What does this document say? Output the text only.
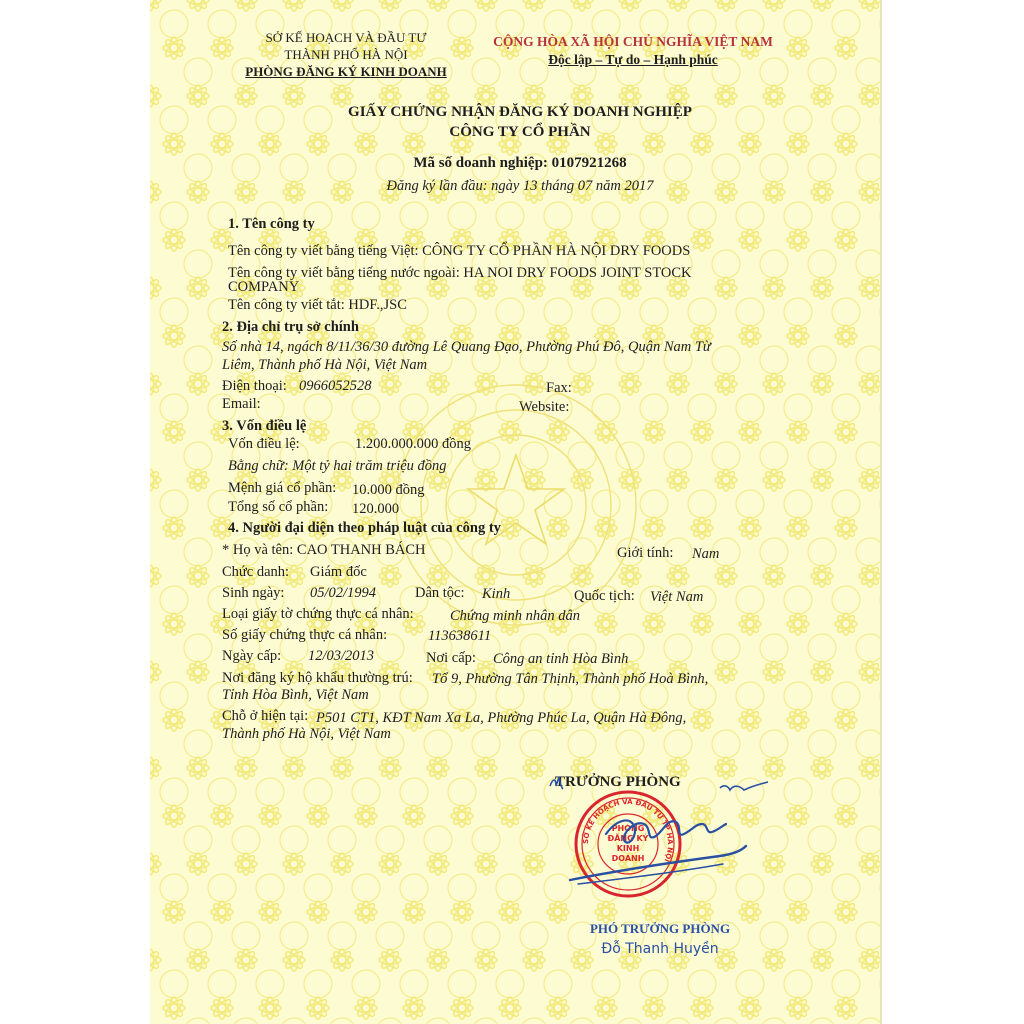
SỞ KẾ HOẠCH VÀ ĐẦU TƯ
THÀNH PHỐ HÀ NỘI
PHÒNG ĐĂNG KÝ KINH DOANH
CỘNG HÒA XÃ HỘI CHỦ NGHĨA VIỆT NAM
Độc lập – Tự do – Hạnh phúc
GIẤY CHỨNG NHẬN ĐĂNG KÝ DOANH NGHIỆP
CÔNG TY CỔ PHẦN
Mã số doanh nghiệp: 0107921268
Đăng ký lần đầu: ngày 13 tháng 07 năm 2017
1. Tên công ty
Tên công ty viết bằng tiếng Việt: CÔNG TY CỔ PHẦN HÀ NỘI DRY FOODS
Tên công ty viết bằng tiếng nước ngoài: HA NOI DRY FOODS JOINT STOCK
COMPANY
Tên công ty viết tắt: HDF.,JSC
2. Địa chỉ trụ sở chính
Số nhà 14, ngách 8/11/36/30 đường Lê Quang Đạo, Phường Phú Đô, Quận Nam Từ
Liêm, Thành phố Hà Nội, Việt Nam
Điện thoại: 0966052528	Fax:
Email:	Website:
3. Vốn điều lệ
Vốn điều lệ:	1.200.000.000 đồng
Bằng chữ: Một tỷ hai trăm triệu đồng
Mệnh giá cổ phần: 10.000 đồng
Tổng số cổ phần: 120.000
4. Người đại diện theo pháp luật của công ty
* Họ và tên: CAO THANH BÁCH	Giới tính: Nam
Chức danh: Giám đốc
Sinh ngày: 05/02/1994	Dân tộc: Kinh	Quốc tịch: Việt Nam
Loại giấy tờ chứng thực cá nhân:	Chứng minh nhân dân
Số giấy chứng thực cá nhân:	113638611
Ngày cấp: 12/03/2013	Nơi cấp: Công an tỉnh Hòa Bình
Nơi đăng ký hộ khẩu thường trú: Tổ 9, Phường Tân Thịnh, Thành phố Hoà Bình,
Tỉnh Hòa Bình, Việt Nam
Chỗ ở hiện tại: P501 CT1, KĐT Nam Xa La, Phường Phúc La, Quận Hà Đông,
Thành phố Hà Nội, Việt Nam
TRƯỞNG PHÒNG
SỞ KẾ HOẠCH VÀ ĐẦU TƯ TP HÀ NỘI
PHÒNG ĐĂNG KÝ KINH DOANH
PHÓ TRƯỞNG PHÒNG
Đỗ Thanh Huyền
